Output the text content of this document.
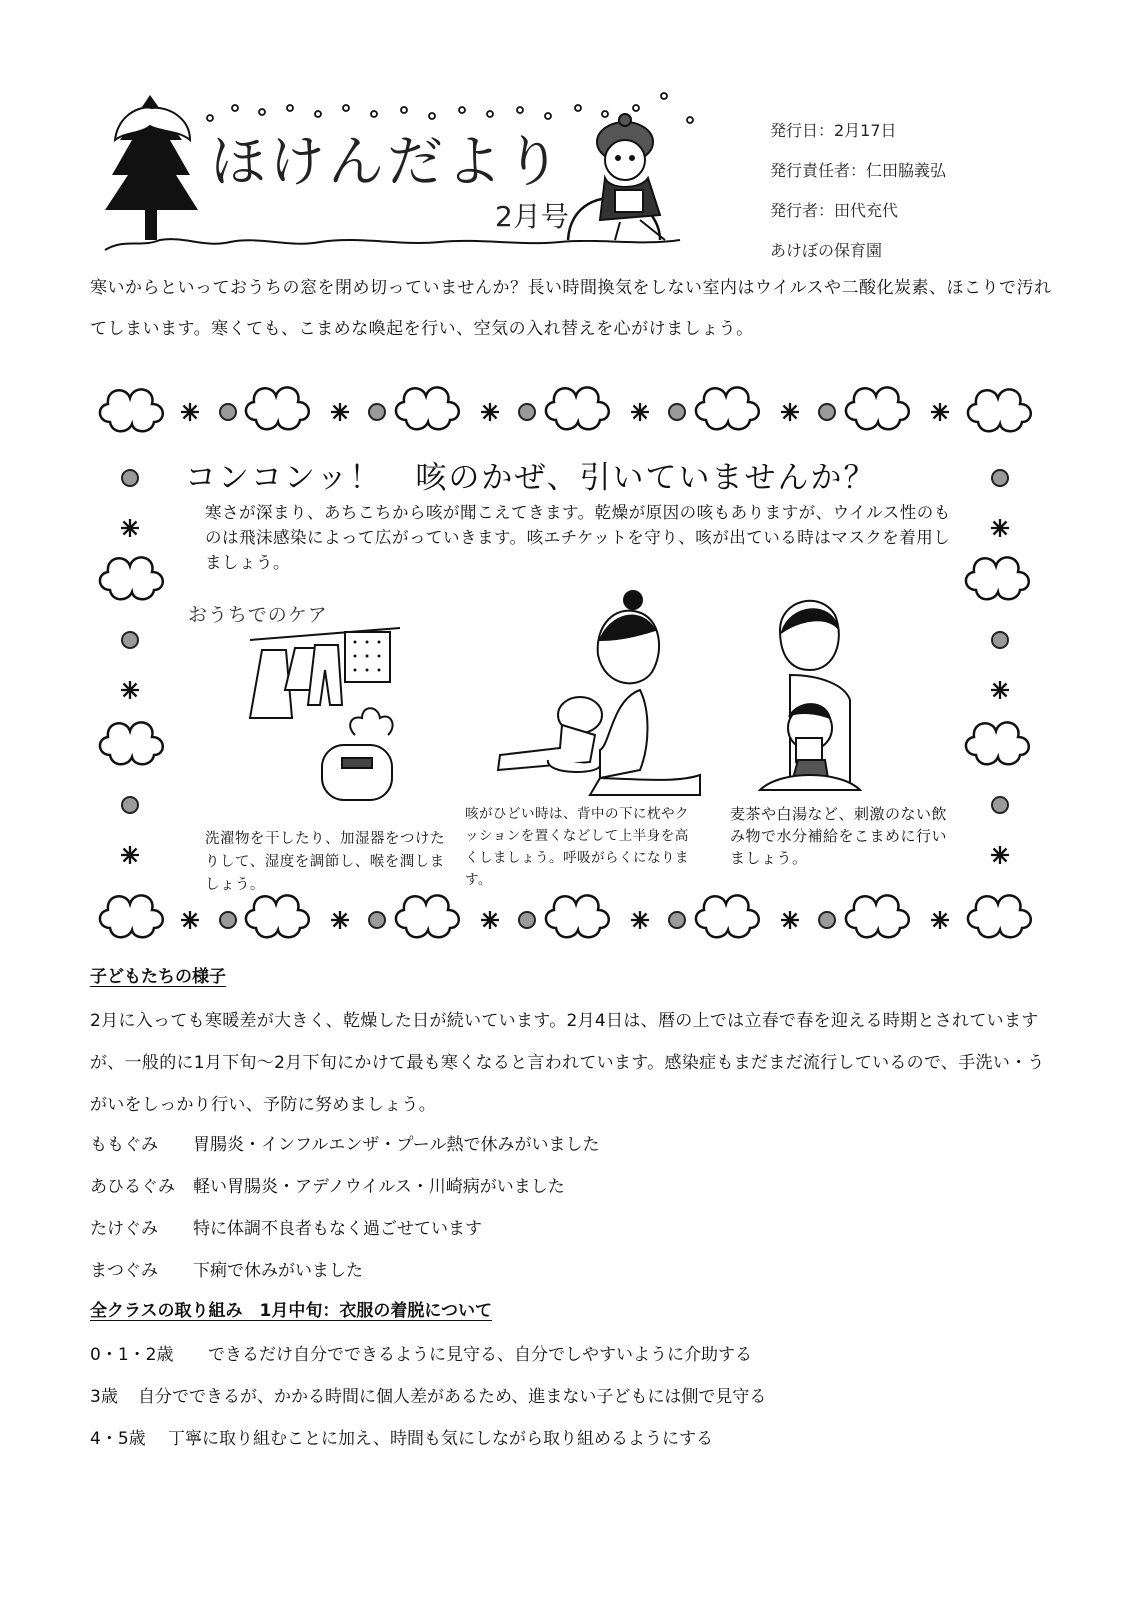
ほけんだより
2月号
発行日：2月17日
発行責任者：仁田脇義弘
発行者：田代充代
あけぼの保育園
寒いからといっておうちの窓を閉め切っていませんか？長い時間換気をしない室内はウイルスや二酸化炭素、ほこりで汚れてしまいます。寒くても、こまめな喚起を行い、空気の入れ替えを心がけましょう。
コンコンッ！　咳のかぜ、引いていませんか？
寒さが深まり、あちこちから咳が聞こえてきます。乾燥が原因の咳もありますが、ウイルス性のものは飛沫感染によって広がっていきます。咳エチケットを守り、咳が出ている時はマスクを着用しましょう。
おうちでのケア
洗濯物を干したり、加湿器をつけたりして、湿度を調節し、喉を潤しましょう。
咳がひどい時は、背中の下に枕やクッションを置くなどして上半身を高くしましょう。呼吸がらくになります。
麦茶や白湯など、刺激のない飲み物で水分補給をこまめに行いましょう。
子どもたちの様子
2月に入っても寒暖差が大きく、乾燥した日が続いています。2月4日は、暦の上では立春で春を迎える時期とされていますが、一般的に1月下旬～2月下旬にかけて最も寒くなると言われています。感染症もまだまだ流行しているので、手洗い・うがいをしっかり行い、予防に努めましょう。
ももぐみ 胃腸炎・インフルエンザ・プール熱で休みがいました
あひるぐみ 軽い胃腸炎・アデノウイルス・川崎病がいました
たけぐみ 特に体調不良者もなく過ごせています
まつぐみ 下痢で休みがいました
全クラスの取り組み　1月中旬：衣服の着脱について
0・1・2歳 できるだけ自分でできるように見守る、自分でしやすいように介助する
3歳 自分でできるが、かかる時間に個人差があるため、進まない子どもには側で見守る
4・5歳 丁寧に取り組むことに加え、時間も気にしながら取り組めるようにする
